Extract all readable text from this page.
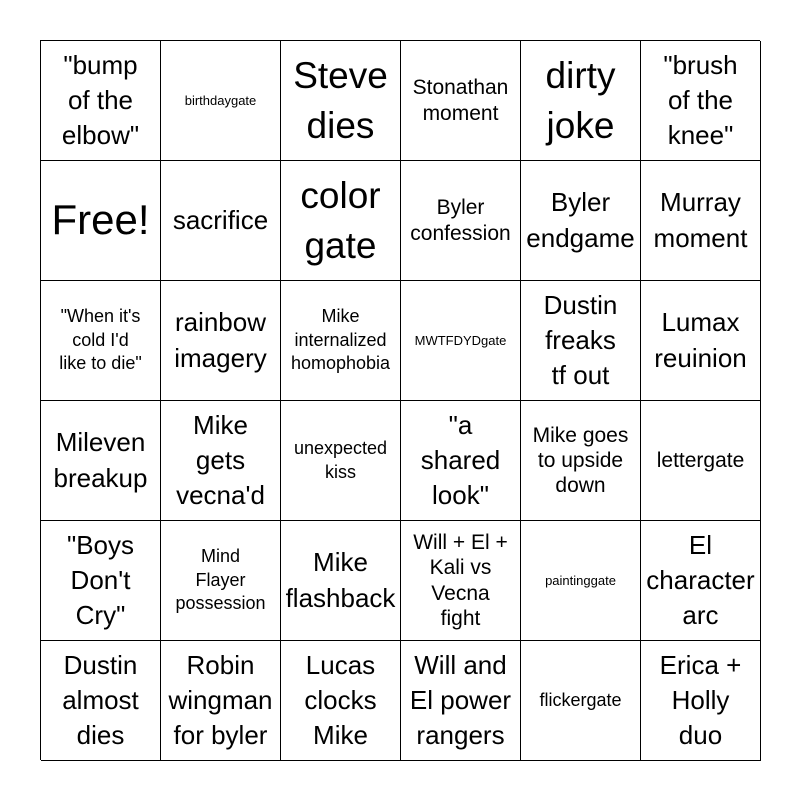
"bump
of the
elbow"
birthdaygate
Steve
dies
Stonathan
moment
dirty
joke
"brush
of the
knee"
Free! sacrifice
color
gate
Byler
confession
Byler
endgame
Murray
moment
"When it's
cold I'd
like to die"
rainbow
imagery
Mike
internalized
homophobia
MWTFDYDgate
Dustin
freaks
tf out
Lumax
reuinion
Mileven
breakup
Mike
gets
vecna'd
unexpected
kiss
"a
shared
look"
Mike goes
to upside
down
lettergate
"Boys
Don't
Cry"
Mind
Flayer
possession
Mike
flashback
Will + El +
Kali vs
Vecna
fight
paintinggate
El
character
arc
Dustin
almost
dies
Robin
wingman
for byler
Lucas
clocks
Mike
Will and
El power
rangers
flickergate
Erica +
Holly
duo
